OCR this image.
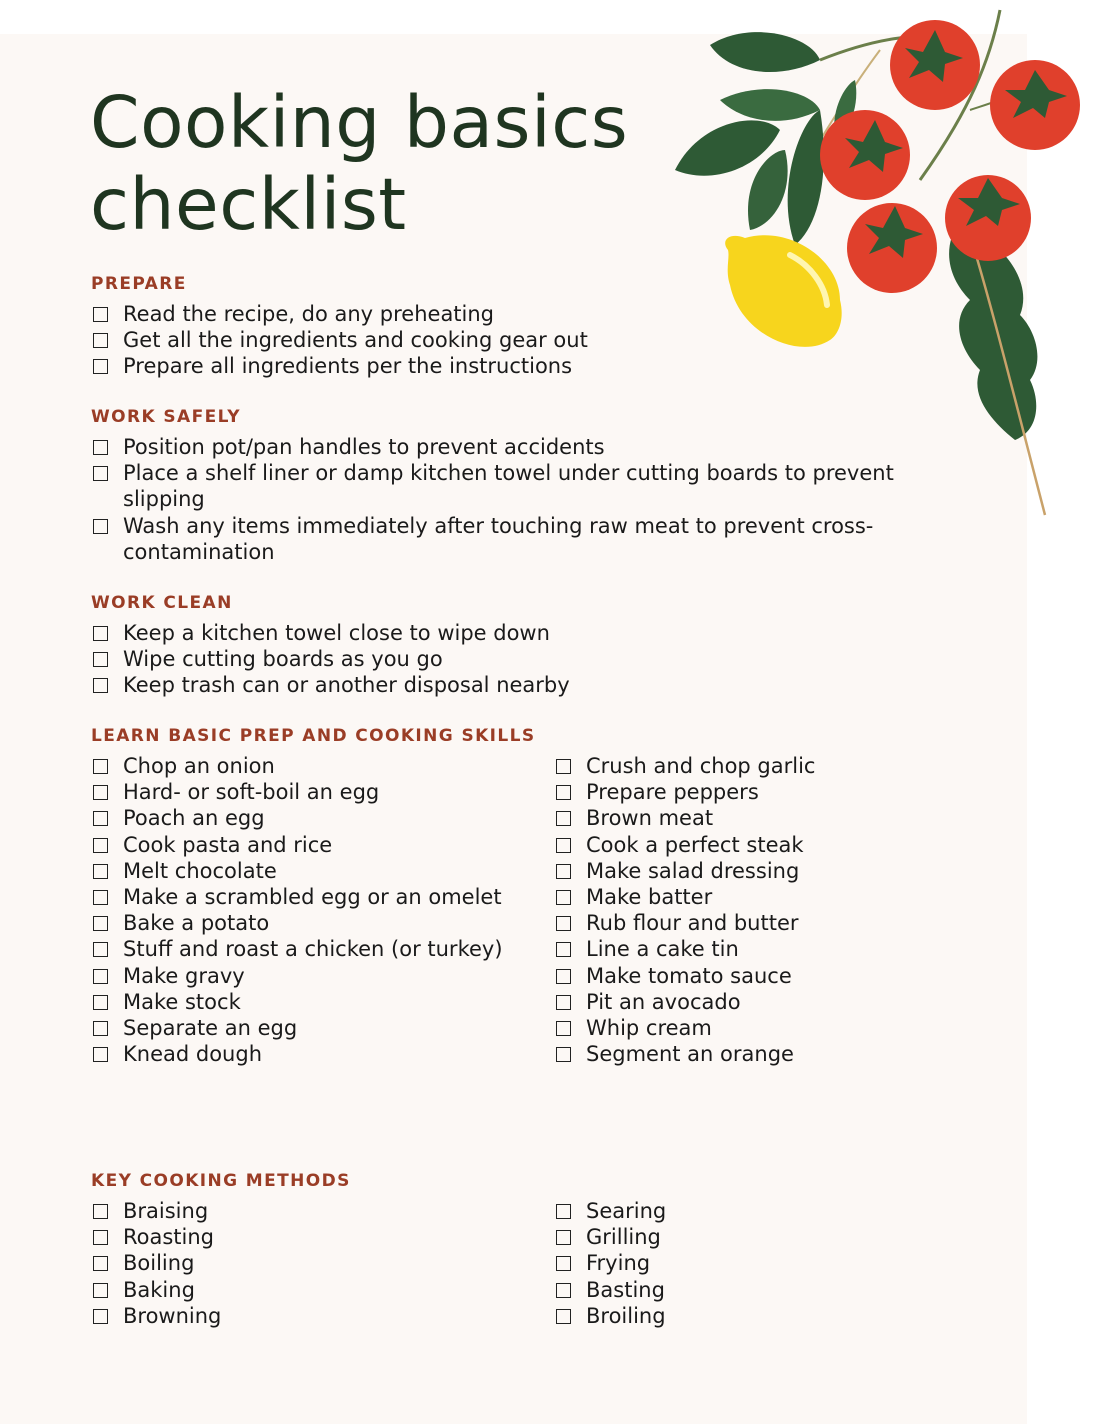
Cooking basics
checklist
PREPARE
Read the recipe, do any preheating
Get all the ingredients and cooking gear out
Prepare all ingredients per the instructions
WORK SAFELY
Position pot/pan handles to prevent accidents
Place a shelf liner or damp kitchen towel under cutting boards to prevent slipping
Wash any items immediately after touching raw meat to prevent cross-contamination
WORK CLEAN
Keep a kitchen towel close to wipe down
Wipe cutting boards as you go
Keep trash can or another disposal nearby
LEARN BASIC PREP AND COOKING SKILLS
Chop an onion
Hard- or soft-boil an egg
Poach an egg
Cook pasta and rice
Melt chocolate
Make a scrambled egg or an omelet
Bake a potato
Stuff and roast a chicken (or turkey)
Make gravy
Make stock
Separate an egg
Knead dough
Crush and chop garlic
Prepare peppers
Brown meat
Cook a perfect steak
Make salad dressing
Make batter
Rub flour and butter
Line a cake tin
Make tomato sauce
Pit an avocado
Whip cream
Segment an orange
KEY COOKING METHODS
Braising
Roasting
Boiling
Baking
Browning
Searing
Grilling
Frying
Basting
Broiling
